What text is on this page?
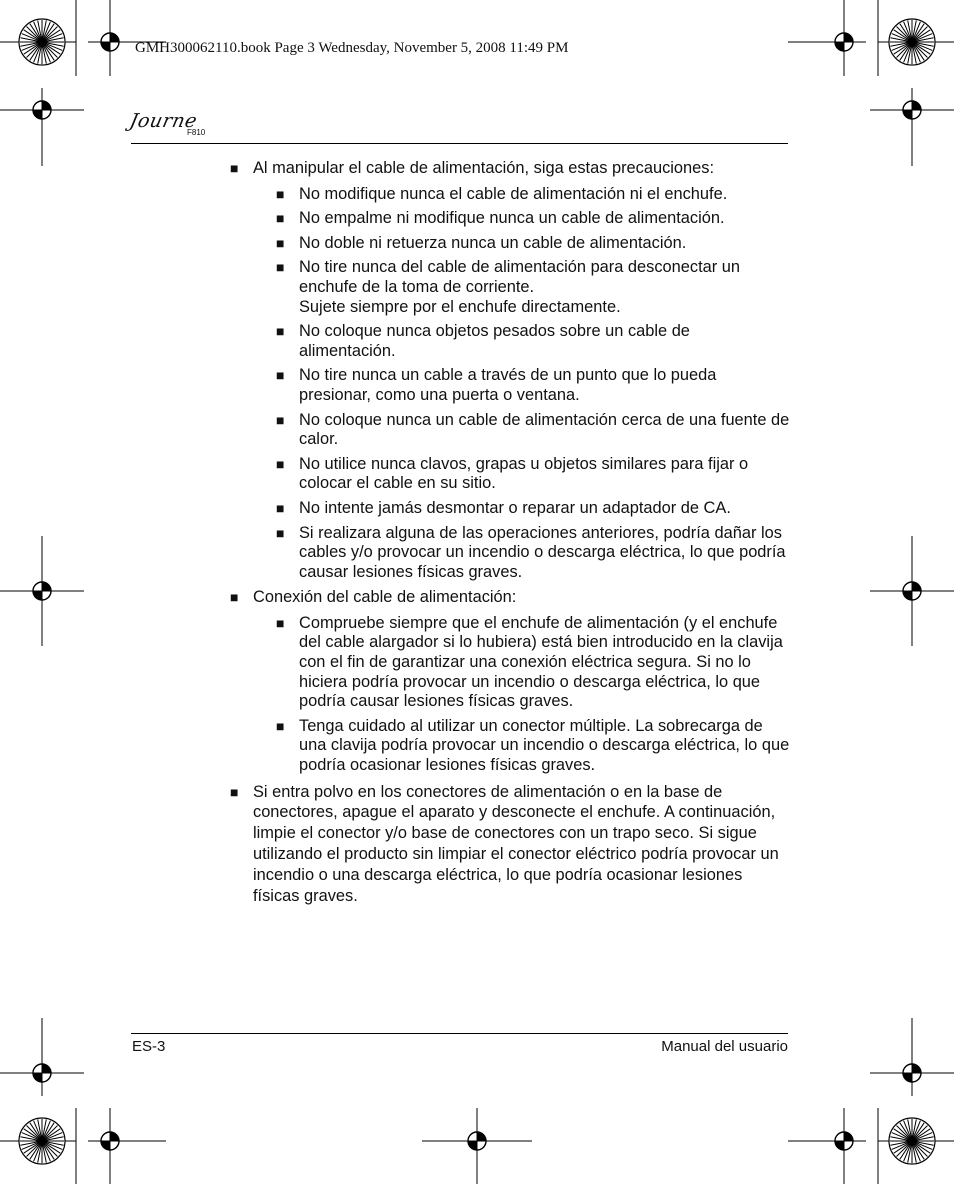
GMH300062110.book Page 3 Wednesday, November 5, 2008 11:49 PM
Journe
F810
■ Al manipular el cable de alimentación, siga estas precauciones:
■ No modifique nunca el cable de alimentación ni el enchufe.
■ No empalme ni modifique nunca un cable de alimentación.
■ No doble ni retuerza nunca un cable de alimentación.
■ No tire nunca del cable de alimentación para desconectar un enchufe de la toma de corriente.
Sujete siempre por el enchufe directamente.
■ No coloque nunca objetos pesados sobre un cable de alimentación.
■ No tire nunca un cable a través de un punto que lo pueda presionar, como una puerta o ventana.
■ No coloque nunca un cable de alimentación cerca de una fuente de calor.
■ No utilice nunca clavos, grapas u objetos similares para fijar o colocar el cable en su sitio.
■ No intente jamás desmontar o reparar un adaptador de CA.
■ Si realizara alguna de las operaciones anteriores, podría dañar los cables y/o provocar un incendio o descarga eléctrica, lo que podría causar lesiones físicas graves.
■ Conexión del cable de alimentación:
■ Compruebe siempre que el enchufe de alimentación (y el enchufe del cable alargador si lo hubiera) está bien introducido en la clavija con el fin de garantizar una conexión eléctrica segura. Si no lo hiciera podría provocar un incendio o descarga eléctrica, lo que podría causar lesiones físicas graves.
■ Tenga cuidado al utilizar un conector múltiple. La sobrecarga de una clavija podría provocar un incendio o descarga eléctrica, lo que podría ocasionar lesiones físicas graves.
■ Si entra polvo en los conectores de alimentación o en la base de conectores, apague el aparato y desconecte el enchufe. A continuación, limpie el conector y/o base de conectores con un trapo seco. Si sigue utilizando el producto sin limpiar el conector eléctrico podría provocar un incendio o una descarga eléctrica, lo que podría ocasionar lesiones físicas graves.
ES-3	Manual del usuario
